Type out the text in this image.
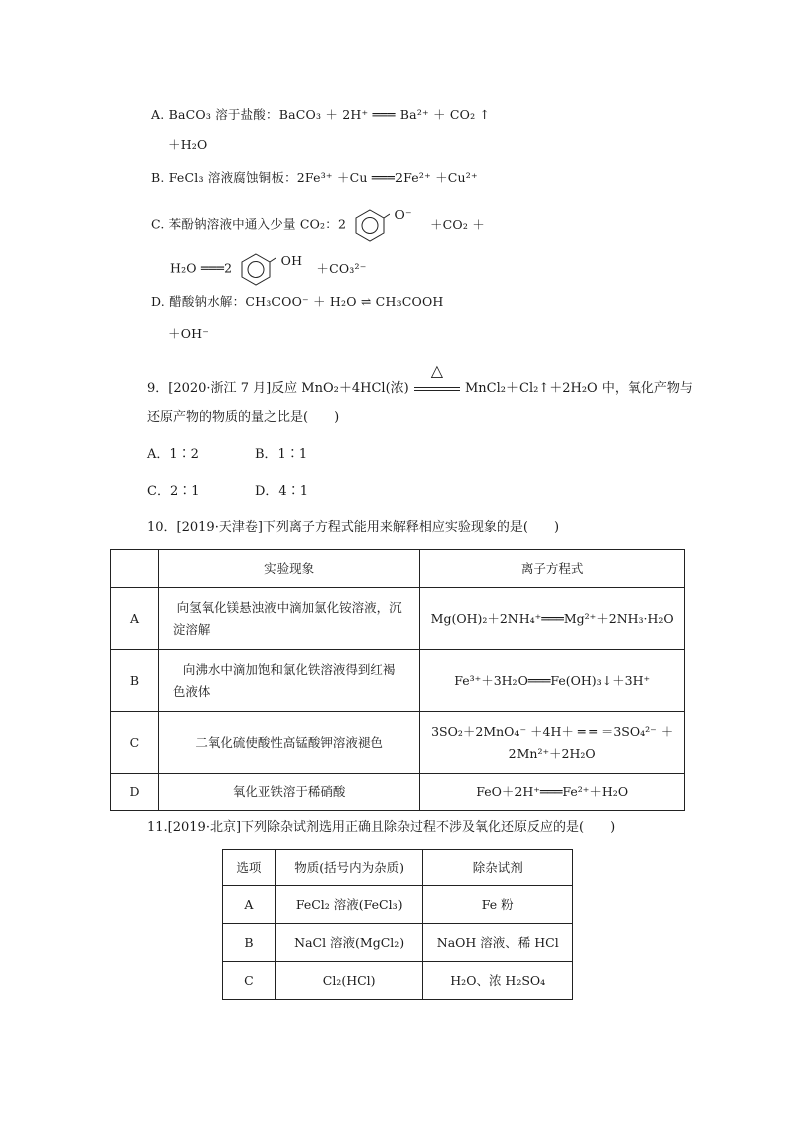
A. BaCO₃ 溶于盐酸：BaCO₃ ＋ 2H⁺ ═══ Ba²⁺ ＋ CO₂ ↑
＋H₂O
B. FeCl₃ 溶液腐蚀铜板：2Fe³⁺ ＋Cu ═══2Fe²⁺ ＋Cu²⁺
C. 苯酚钠溶液中通入少量 CO₂：2  O⁻ ＋CO₂ ＋
H₂O ═══2  OH ＋CO₃²⁻
D. 醋酸钠水解：CH₃COO⁻ ＋ H₂O ⇌ CH₃COOH
＋OH⁻
9．[2020·浙江 7 月]反应 MnO₂＋4HCl(浓)
△
MnCl₂＋Cl₂↑＋2H₂O 中，氧化产物与
还原产物的物质的量之比是(　　)
A．1∶2	B．1∶1
C．2∶1	D．4∶1
10．[2019·天津卷]下列离子方程式能用来解释相应实验现象的是(　　)
	实验现象	离子方程式
A	向氢氧化镁悬浊液中滴加氯化铵溶液，沉
淀溶解	Mg(OH)₂＋2NH₄⁺═══Mg²⁺＋2NH₃·H₂O

B	向沸水中滴加饱和氯化铁溶液得到红褐
色液体	Fe³⁺＋3H₂O═══Fe(OH)₃↓＋3H⁺

C	二氧化硫使酸性高锰酸钾溶液褪色	3SO₂＋2MnO₄⁻ ＋4H＋ ═ ═ ＝3SO₄²⁻ ＋
2Mn²⁺＋2H₂O

D	氧化亚铁溶于稀硝酸	FeO＋2H⁺═══Fe²⁺＋H₂O
11.[2019·北京]下列除杂试剂选用正确且除杂过程不涉及氧化还原反应的是(　　)
选项	物质(括号内为杂质)	除杂试剂
A	FeCl₂ 溶液(FeCl₃)	Fe 粉
B	NaCl 溶液(MgCl₂)	NaOH 溶液、稀 HCl
C	Cl₂(HCl)	H₂O、浓 H₂SO₄
